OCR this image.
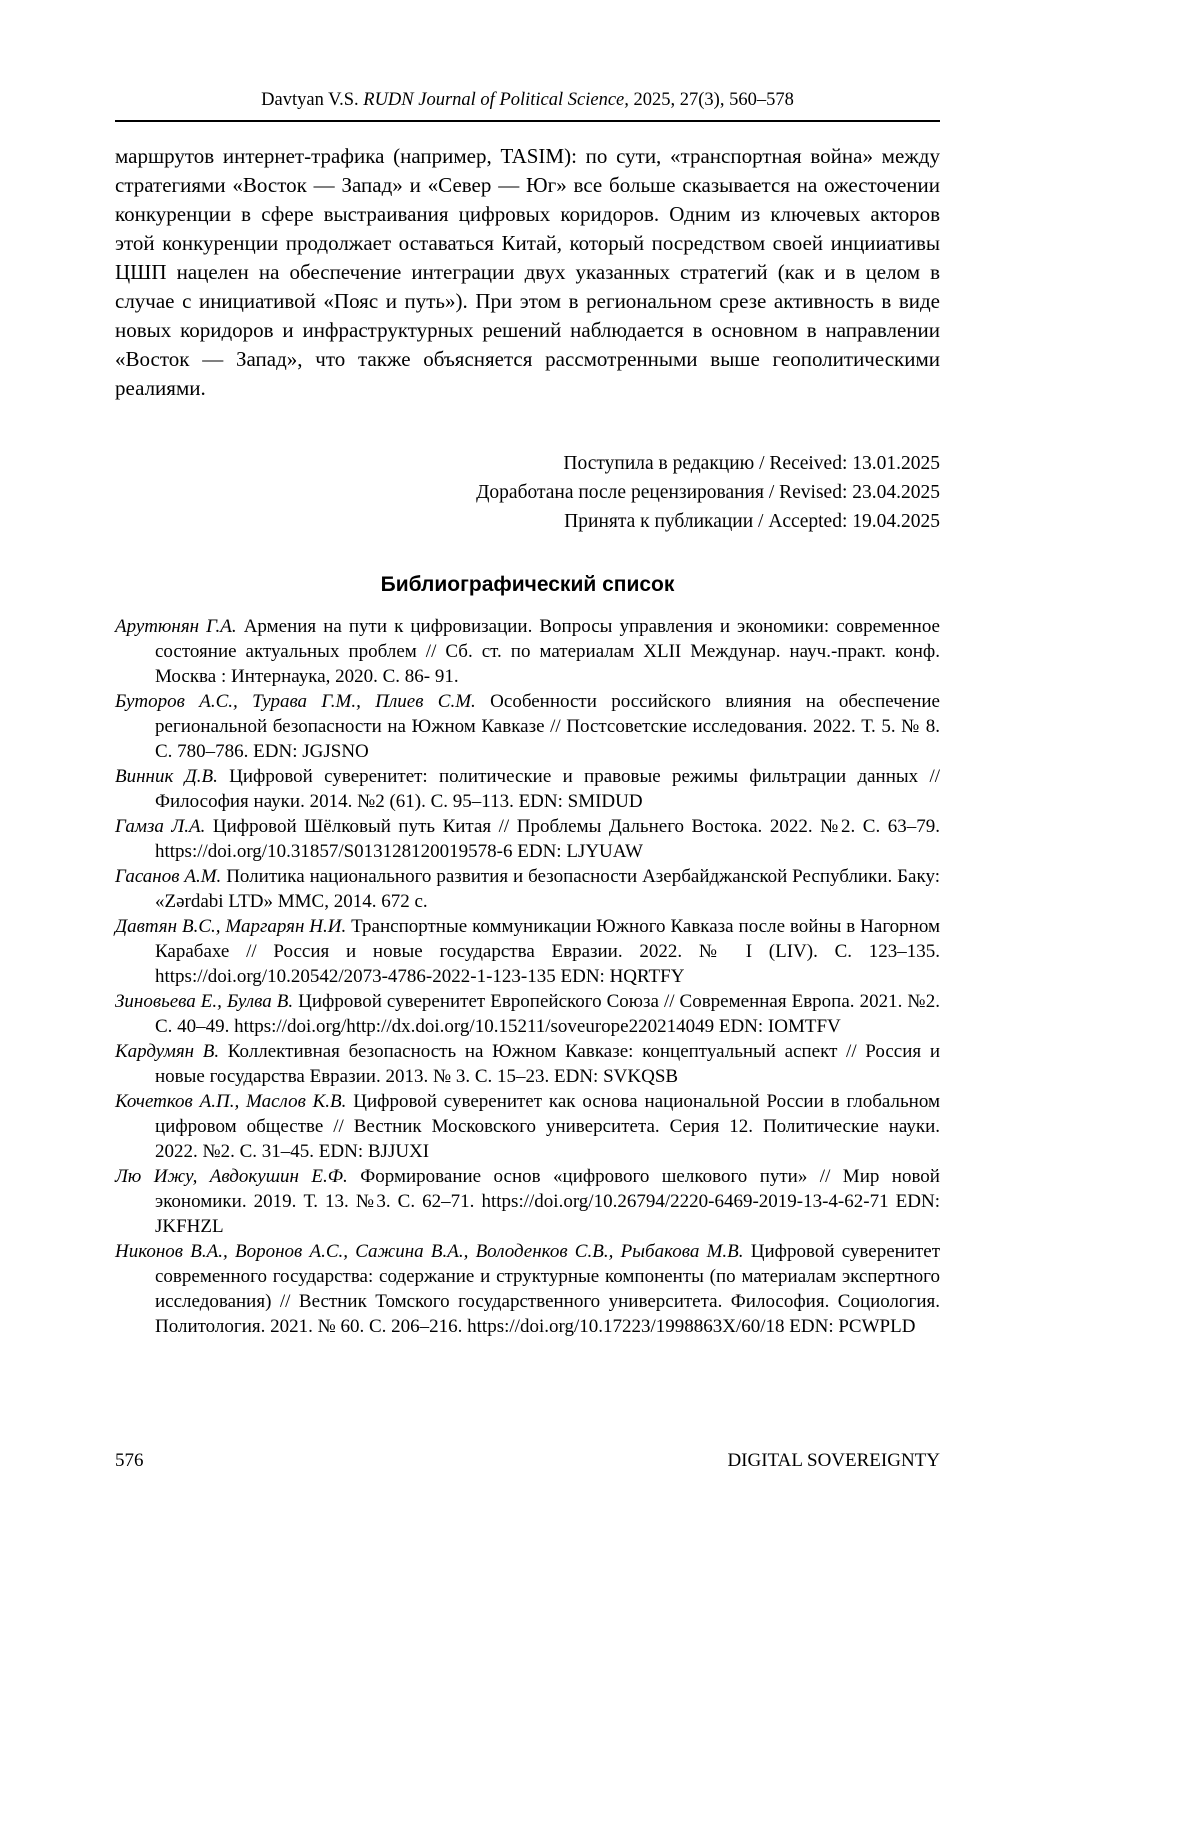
Davtyan V.S. RUDN Journal of Political Science, 2025, 27(3), 560–578

маршрутов интернет-трафика (например, TASIM): по сути, «транспортная война» между стратегиями «Восток — Запад» и «Север — Юг» все больше сказывается на ожесточении конкуренции в сфере выстраивания цифровых коридоров. Одним из ключевых акторов этой конкуренции продолжает оставаться Китай, который посредством своей инцииативы ЦШП нацелен на обеспечение интеграции двух указанных стратегий (как и в целом в случае с инициативой «Пояс и путь»). При этом в региональном срезе активность в виде новых коридоров и инфраструктурных решений наблюдается в основном в направлении «Восток — Запад», что также объясняется рассмотренными выше геополитическими реалиями.

Поступила в редакцию / Received: 13.01.2025

Доработана после рецензирования / Revised: 23.04.2025

Принята к публикации / Accepted: 19.04.2025

Библиографический список
Арутюнян Г.А. Армения на пути к цифровизации. Вопросы управления и экономики: современное состояние актуальных проблем // Сб. ст. по материалам XLII Междунар. науч.-практ. конф. Москва : Интернаука, 2020. С. 86- 91.
Буторов А.С., Турава Г.М., Плиев С.М. Особенности российского влияния на обеспечение региональной безопасности на Южном Кавказе // Постсоветские исследования. 2022. Т. 5. № 8. С. 780–786. EDN: JGJSNO
Винник Д.В. Цифровой суверенитет: политические и правовые режимы фильтрации данных // Философия науки. 2014. №2 (61). С. 95–113. EDN: SMIDUD
Гамза Л.А. Цифровой Шёлковый путь Китая // Проблемы Дальнего Востока. 2022. №2. С. 63–79. https://doi.org/10.31857/S013128120019578-6 EDN: LJYUAW
Гасанов А.М. Политика национального развития и безопасности Азербайджанской Республики. Баку: «Zərdabi LTD» ММС, 2014. 672 с.
Давтян В.С., Маргарян Н.И. Транспортные коммуникации Южного Кавказа после войны в Нагорном Карабахе // Россия и новые государства Евразии. 2022. № I (LIV). С. 123–135. https://doi.org/10.20542/2073-4786-2022-1-123-135 EDN: HQRTFY
Зиновьева Е., Булва В. Цифровой суверенитет Европейского Союза // Современная Европа. 2021. №2. С. 40–49. https://doi.org/http://dx.doi.org/10.15211/soveurope220214049 EDN: IOMTFV
Кардумян В. Коллективная безопасность на Южном Кавказе: концептуальный аспект // Россия и новые государства Евразии. 2013. № 3. С. 15–23. EDN: SVKQSB
Кочетков А.П., Маслов К.В. Цифровой суверенитет как основа национальной России в глобальном цифровом обществе // Вестник Московского университета. Серия 12. Политические науки. 2022. №2. С. 31–45. EDN: BJJUXI
Лю Ижу, Авдокушин Е.Ф. Формирование основ «цифрового шелкового пути» // Мир новой экономики. 2019. Т. 13. №3. С. 62–71. https://doi.org/10.26794/2220-6469-2019-13-4-62-71 EDN: JKFHZL
Никонов В.А., Воронов А.С., Сажина В.А., Володенков С.В., Рыбакова М.В. Цифровой суверенитет современного государства: содержание и структурные компоненты (по материалам экспертного исследования) // Вестник Томского государственного университета. Философия. Социология. Политология. 2021. № 60. С. 206–216. https://doi.org/10.17223/1998863X/60/18 EDN: PCWPLD
576	DIGITAL SOVEREIGNTY
